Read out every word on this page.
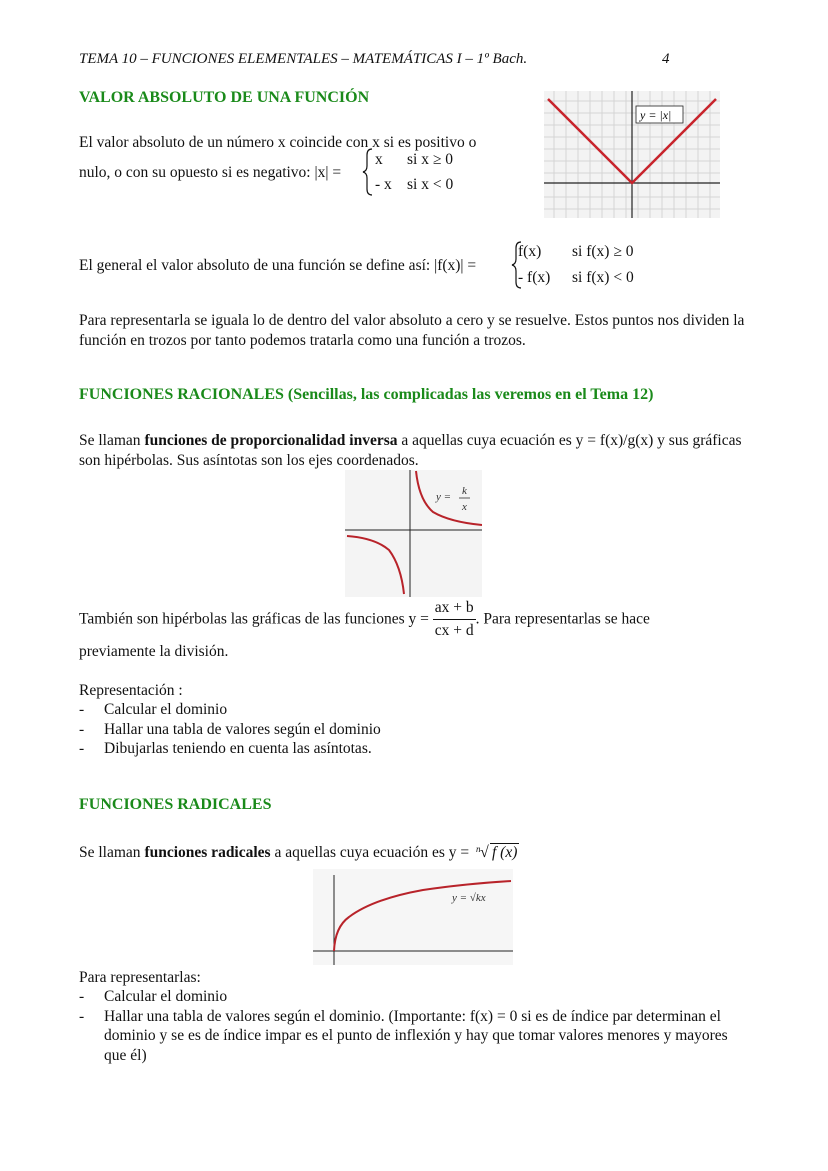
TEMA 10 – FUNCIONES ELEMENTALES – MATEMÁTICAS I – 1º Bach.	4
VALOR ABSOLUTO DE UNA FUNCIÓN

El valor absoluto de un número x coincide con x si es positivo o

nulo, o con su opuesto si es negativo: |x| =

x si x ≥ 0
- x si x < 0
y = |x|

El general el valor absoluto de una función se define así: |f(x)| =

f(x) si f(x) ≥ 0
- f(x) si f(x) < 0

Para representarla se iguala lo de dentro del valor absoluto a cero y se resuelve. Estos puntos nos dividen la función en trozos por tanto podemos tratarla como una función a trozos.

FUNCIONES RACIONALES (Sencillas, las complicadas las veremos en el Tema 12)

Se llaman funciones de proporcionalidad inversa a aquellas cuya ecuación es y = f(x)/g(x) y sus gráficas son hipérbolas. Sus asíntotas son los ejes coordenados.

y = k
x
También son hipérbolas las gráficas de las funciones $y = \frac{ax + b}{cx + d}$ . Para representarlas se hace

previamente la división.

Representación :

- Calcular el dominio
- Hallar una tabla de valores según el dominio
- Dibujarlas teniendo en cuenta las asíntotas.
FUNCIONES RADICALES

Se llaman funciones radicales a aquellas cuya ecuación es y = n √ f (x)

y = √kx

Para representarlas:

- Calcular el dominio
- Hallar una tabla de valores según el dominio. (Importante: f(x) = 0 si es de índice par determinan el dominio y se es de índice impar es el punto de inflexión y hay que tomar valores menores y mayores que él)
